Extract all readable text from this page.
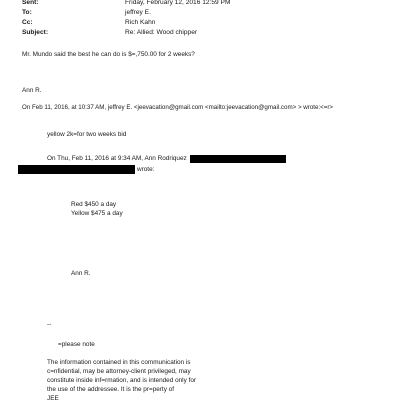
Sent:	Friday, February 12, 2016 12:59 PM
To:	jeffrey E.
Cc:	Rich Kahn
Subject:	Re: Allied: Wood chipper
Mr. Mundo said the best he can do is $=,750.00 for 2 weeks?
Ann R.
On Feb 11, 2016, at 10:37 AM, jeffrey E. <jeevacation@gmail.com <mailto:jeevacation@gmail.com> > wrote:<=r>
yellow 2k=for two weeks bid
On Thu, Feb 11, 2016 at 9:34 AM, Ann Rodriquez
wrote:
Red $450 a day
Yellow $475 a day
Ann R.
--
=please note
The information contained in this communication is
c=nfidential, may be attorney-client privileged, may
constitute inside inf=rmation, and is intended only for
the use of the addressee. It is the pr=perty of
JEE
